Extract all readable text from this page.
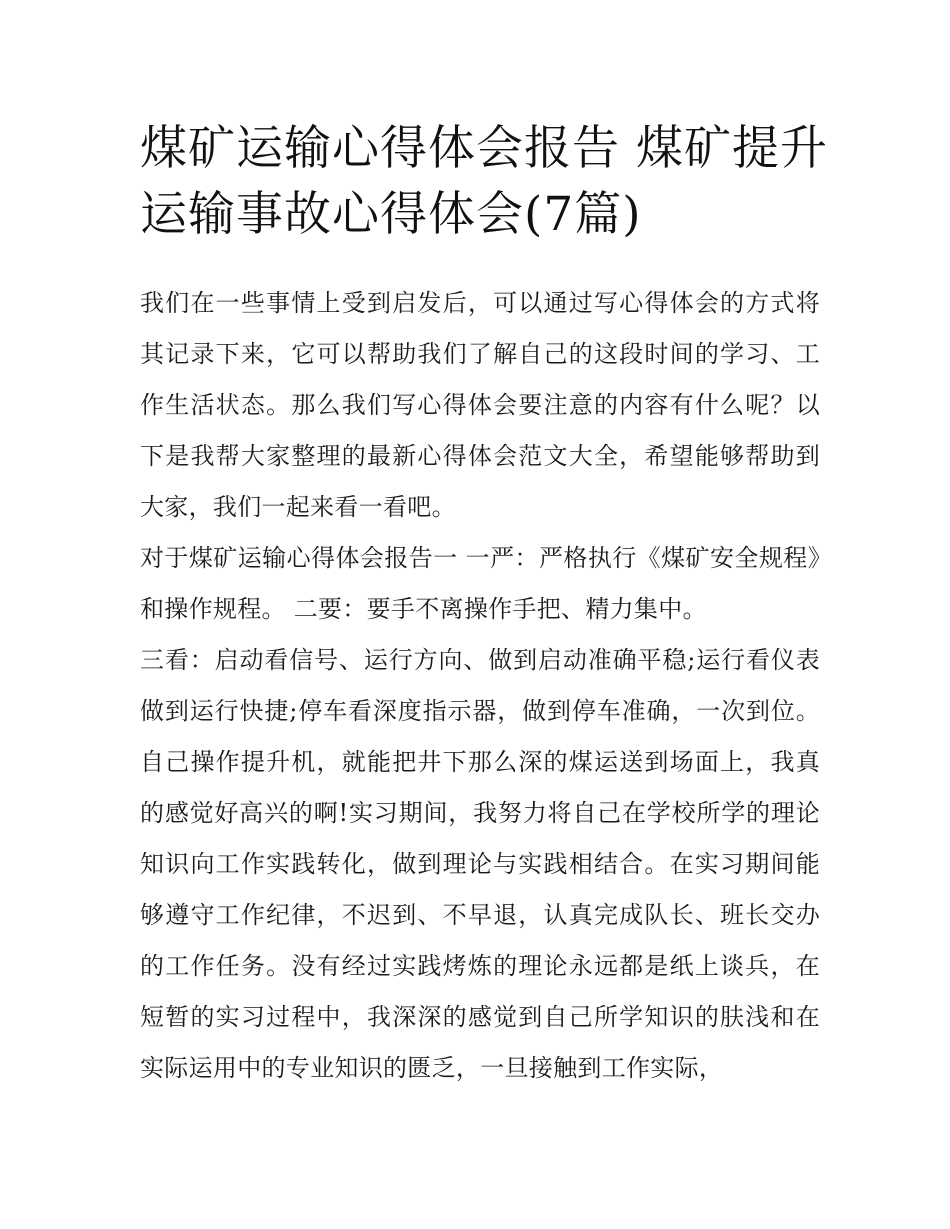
煤矿运输心得体会报告 煤矿提升运输事故心得体会(7篇)

我们在一些事情上受到启发后，可以通过写心得体会的方式将其记录下来，它可以帮助我们了解自己的这段时间的学习、工作生活状态。那么我们写心得体会要注意的内容有什么呢？以下是我帮大家整理的最新心得体会范文大全，希望能够帮助到大家，我们一起来看一看吧。

对于煤矿运输心得体会报告一 一严：严格执行《煤矿安全规程》和操作规程。 二要：要手不离操作手把、精力集中。

三看：启动看信号、运行方向、做到启动准确平稳;运行看仪表做到运行快捷;停车看深度指示器，做到停车准确，一次到位。自己操作提升机，就能把井下那么深的煤运送到场面上，我真的感觉好高兴的啊!实习期间，我努力将自己在学校所学的理论知识向工作实践转化，做到理论与实践相结合。在实习期间能够遵守工作纪律，不迟到、不早退，认真完成队长、班长交办的工作任务。没有经过实践烤炼的理论永远都是纸上谈兵，在短暂的实习过程中，我深深的感觉到自己所学知识的肤浅和在实际运用中的专业知识的匮乏，一旦接触到工作实际，
